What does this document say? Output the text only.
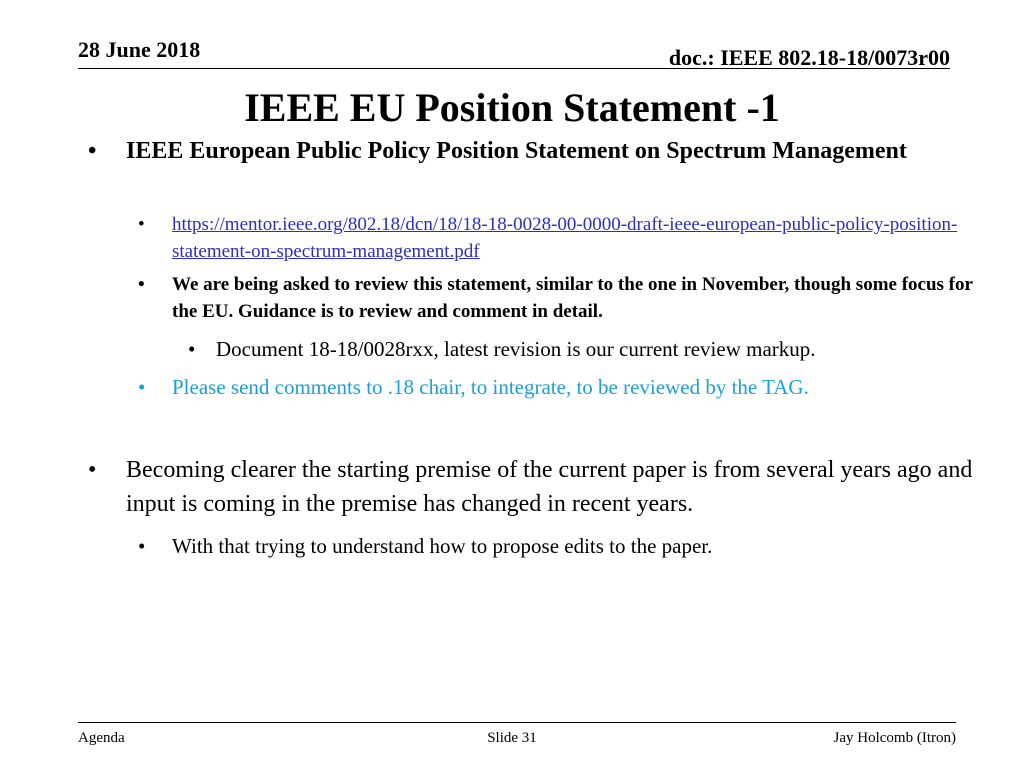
28 June 2018	doc.: IEEE 802.18-18/0073r00
IEEE EU Position Statement -1
•	IEEE European Public Policy Position Statement on Spectrum Management
•	https://mentor.ieee.org/802.18/dcn/18/18-18-0028-00-0000-draft-ieee-european-public-policy-position-statement-on-spectrum-management.pdf
•	We are being asked to review this statement, similar to the one in November, though some focus for the EU. Guidance is to review and comment in detail.
• Document 18-18/0028rxx, latest revision is our current review markup.
•	Please send comments to .18 chair, to integrate, to be reviewed by the TAG.
•	Becoming clearer the starting premise of the current paper is from several years ago and input is coming in the premise has changed in recent years.
•	With that trying to understand how to propose edits to the paper.
Agenda	Slide 31	Jay Holcomb (Itron)
